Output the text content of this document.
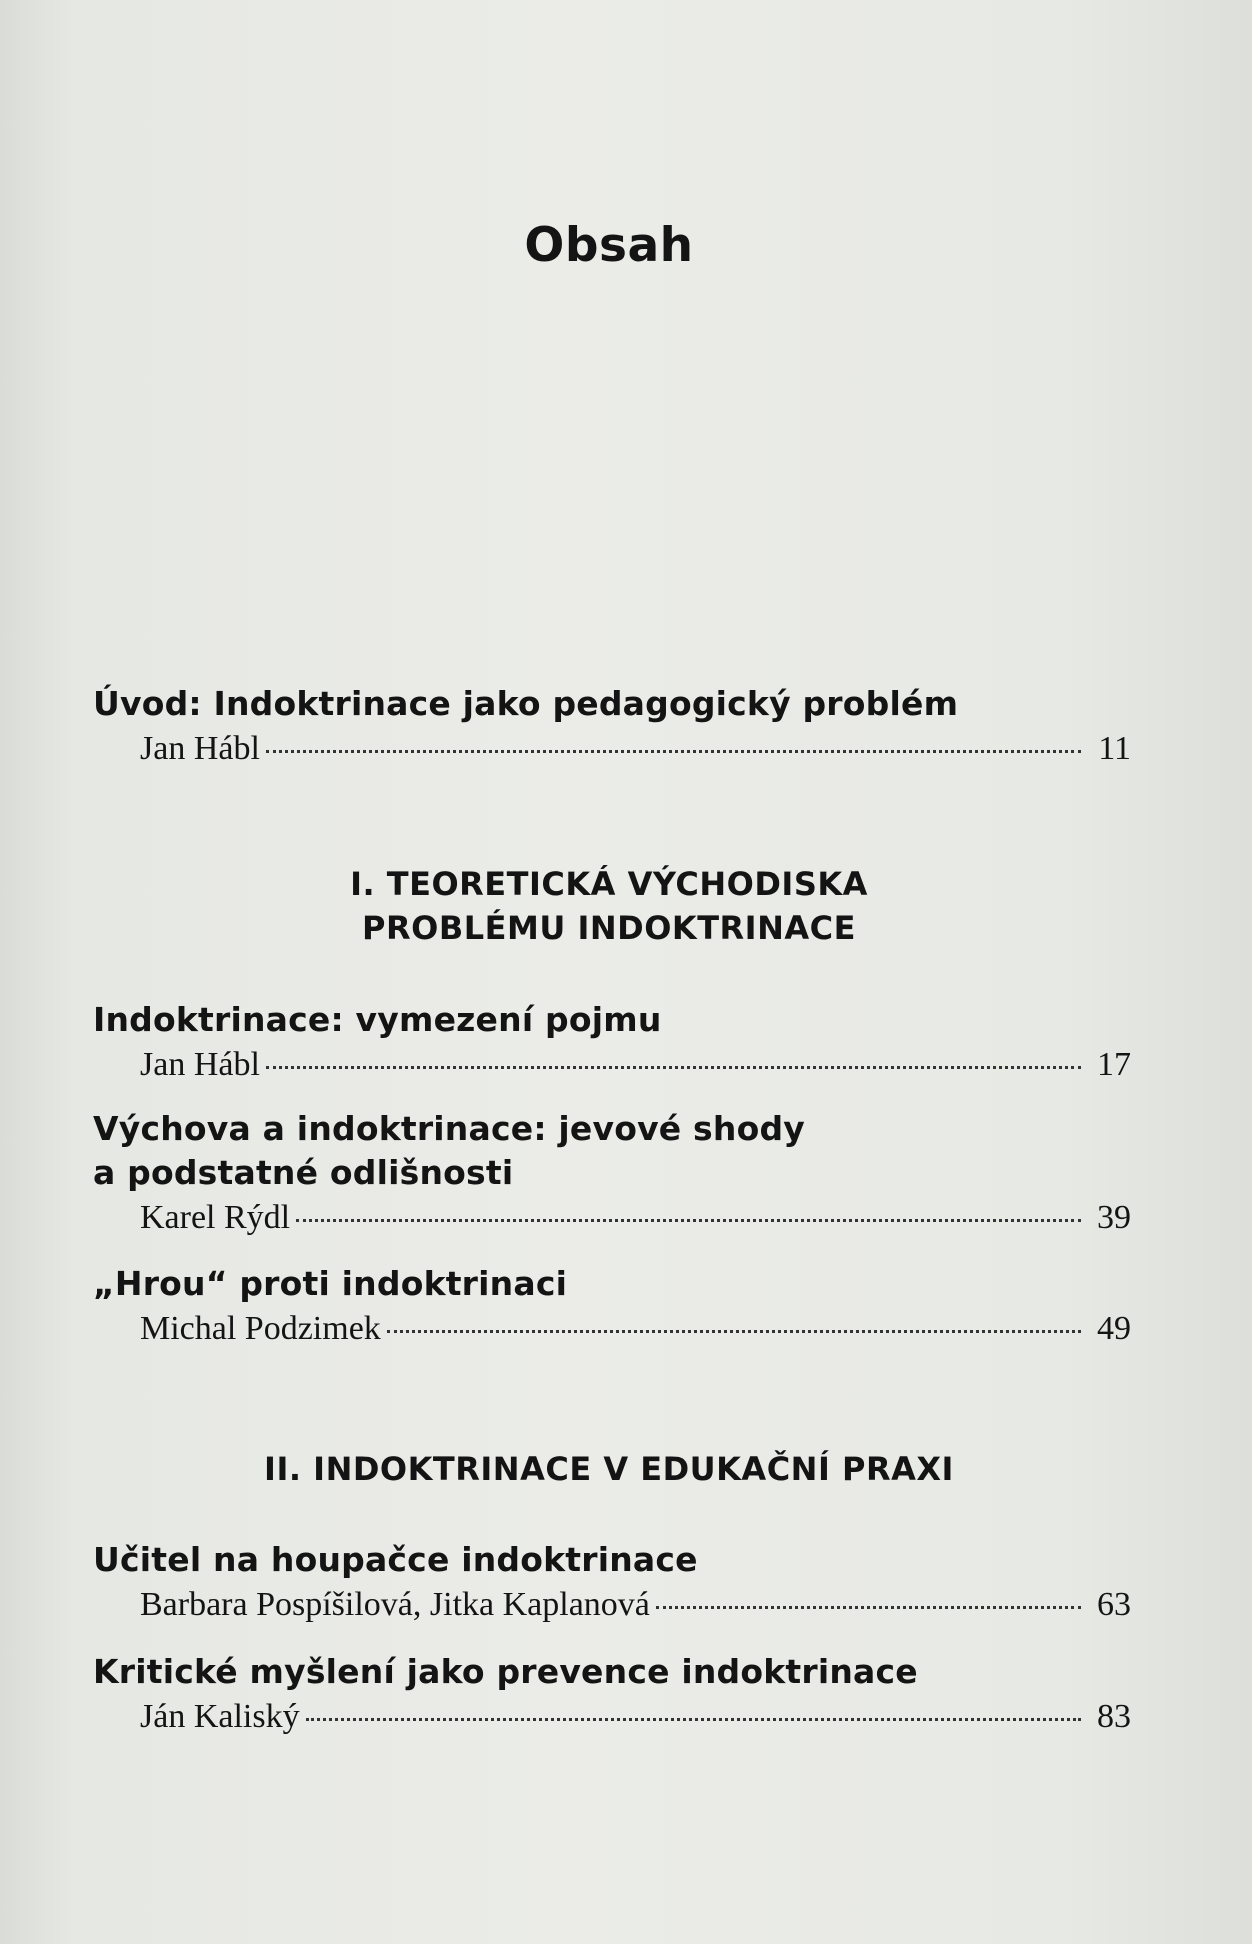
Obsah
Úvod: Indoktrinace jako pedagogický problém
Jan Hábl	11
I. TEORETICKÁ VÝCHODISKA
PROBLÉMU INDOKTRINACE
Indoktrinace: vymezení pojmu
Jan Hábl	17
Výchova a indoktrinace: jevové shody
a podstatné odlišnosti
Karel Rýdl	39
„Hrou“ proti indoktrinaci
Michal Podzimek	49
II. INDOKTRINACE V EDUKAČNÍ PRAXI
Učitel na houpačce indoktrinace
Barbara Pospíšilová, Jitka Kaplanová	63
Kritické myšlení jako prevence indoktrinace
Ján Kaliský	83
